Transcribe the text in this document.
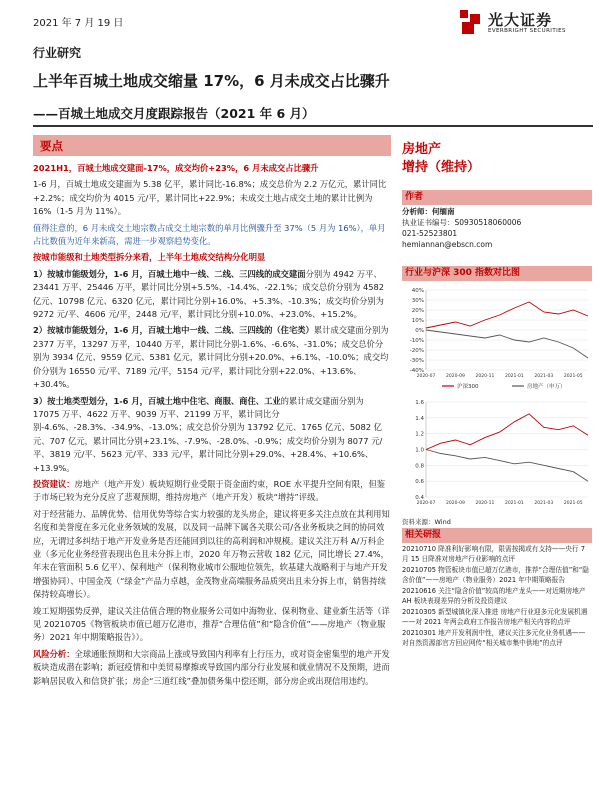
2021 年 7 月 19 日	光大证券
EVERBRIGHT SECURITIES
行业研究
上半年百城土地成交缩量 17%，6 月未成交占比骤升
——百城土地成交月度跟踪报告（2021 年 6 月）
要点

2021H1，百城土地成交建面-17%，成交均价+23%，6 月未成交占比骤升

1-6 月，百城土地成交建面为 5.38 亿平，累计同比-16.8%；成交总价为 2.2 万亿元，累计同比+2.2%；成交均价为 4015 元/平，累计同比+22.9%；未成交土地占成交土地的累计比例为 16%（1-5 月为 11%）。

值得注意的，6 月未成交土地宗数占成交土地宗数的单月比例骤升至 37%（5 月为 16%），单月占比数值为近年来新高，需进一步观察趋势变化。

按城市能级和土地类型拆分来看，上半年土地成交结构分化明显

1）按城市能级划分，1-6 月，百城土地中一线、二线、三四线的成交建面分别为 4942 万平、23441 万平、25446 万平，累计同比分别+5.5%、-14.4%、-22.1%；成交总价分别为 4582 亿元、10798 亿元、6320 亿元，累计同比分别+16.0%、+5.3%、-10.3%；成交均价分别为 9272 元/平、4606 元/平，2448 元/平，累计同比分别+10.0%、+23.0%、+15.2%。

2）按城市能级划分，1-6 月，百城土地中一线、二线、三四线的（住宅类）累计成交建面分别为 2377 万平，13297 万平，10440 万平，累计同比分别-1.6%、-6.6%、-31.0%；成交总价分别为 3934 亿元、9559 亿元、5381 亿元，累计同比分别+20.0%、+6.1%、-10.0%；成交均价分别为 16550 元/平、7189 元/平，5154 元/平，累计同比分别+22.0%、+13.6%、+30.4%。

3）按土地类型划分，1-6 月，百城土地中住宅、商服、商住、工业的累计成交建面分别为 17075 万平、4622 万平、9039 万平、21199 万平，累计同比分别-4.6%、-28.3%、-34.9%、-13.0%；成交总价分别为 13792 亿元、1765 亿元、5082 亿元、707 亿元，累计同比分别+23.1%、-7.9%、-28.0%、-0.9%；成交均价分别为 8077 元/平、3819 元/平、5623 元/平、333 元/平，累计同比分别+29.0%、+28.4%、+10.6%、+13.9%。

投资建议：房地产（地产开发）板块短期行业受限于资金面约束，ROE 水平提升空间有限，但鉴于市场已较为充分反应了悲观预期，维持房地产（地产开发）板块“增持”评级。

对于经营能力、品牌优势、信用优势等综合实力较强的龙头房企，建议将更多关注点放在其利用知名度和美誉度在多元化业务领域的发展，以及同一品牌下属各关联公司/各业务板块之间的协同效应，无谓过多纠结于地产开发业务是否还能回到以往的高利润和冲规模。建议关注万科 A/万科企业（多元化业务经营表现出色且未分拆上市，2020 年万物云营收 182 亿元，同比增长 27.4%，年末在管面积 5.6 亿平）、保利地产（保利物业城市公服地位领先，软基建大战略利于与地产开发增强协同）、中国金茂（“绿金”产品力卓越，金茂物业高端服务品质突出且未分拆上市，销售持续保持较高增长）。

竣工短期强势反弹，建议关注估值合理的物业服务公司如中海物业、保利物业、建业新生活等（详见 20210705《物管板块市值已超万亿港市，推荐“合理估值”和“隐含价值”——房地产（物业服务）2021 年中期策略报告》）。

风险分析：全球通胀预期和大宗商品上涨或导致国内利率有上行压力，或对资金密集型的地产开发板块造成潜在影响；新冠疫情和中美贸易摩擦或导致国内部分行业发展和就业情况不及预期，进而影响居民收入和信贷扩张；房企“三道红线”叠加债务集中偿还期，部分房企或出现信用违约。

房地产
增持（维持）
作者
分析师：何缅南
执业证书编号：S0930518060006
021-52523801
hemiannan@ebscn.com
行业与沪深 300 指数对比图
40%
30%
20%
10%
0%
-10%
-20%
-30%
-40%
2020-07 2020-09 2020-11 2021-01 2021-03 2021-05
沪深300	房地产（申万）
1.6
1.4
1.2
1.0
0.8
0.6
0.4
2020-07 2020-09 2020-11 2021-01 2021-03 2021-05
资料来源：Wind
相关研报

20210710 降准利好影响有限，限需按揭或有支持——央行 7 月 15 日降准对房地产行业影响的点评

20210705 物管板块市值已超万亿港市，推荐“合理估值”和“隐含价值”——房地产（物业服务）2021 年中期策略报告

20210616 关注“隐含价值”较高的地产龙头——对近期房地产 AH 板块表现差异的分析及投资建议

20210305 新型城镇化深入推进 房地产行业迎多元化发展机遇——对 2021 年两会政府工作报告房地产相关内容的点评

20210301 地产开发利润中性，建议关注多元化业务机遇——对自然资源部官方回应网传“相关城市集中供地”的点评
